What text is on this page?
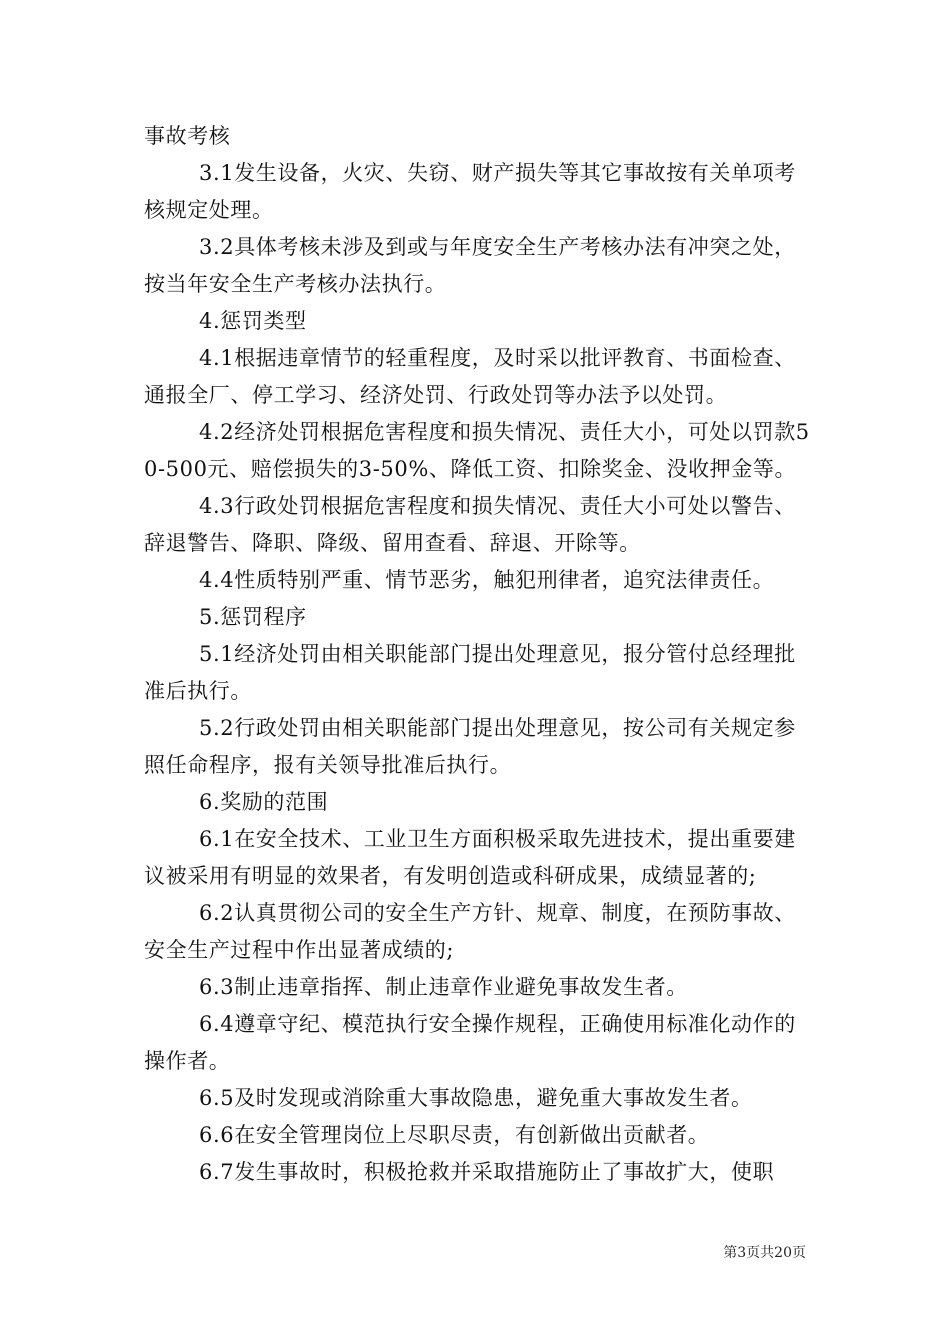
事故考核

3.1发生设备，火灾、失窃、财产损失等其它事故按有关单项考核规定处理。

3.2具体考核未涉及到或与年度安全生产考核办法有冲突之处，按当年安全生产考核办法执行。

4.惩罚类型

4.1根据违章情节的轻重程度，及时采以批评教育、书面检查、通报全厂、停工学习、经济处罚、行政处罚等办法予以处罚。

4.2经济处罚根据危害程度和损失情况、责任大小，可处以罚款50-500元、赔偿损失的3-50%、降低工资、扣除奖金、没收押金等。

4.3行政处罚根据危害程度和损失情况、责任大小可处以警告、辞退警告、降职、降级、留用查看、辞退、开除等。

4.4性质特别严重、情节恶劣，触犯刑律者，追究法律责任。

5.惩罚程序

5.1经济处罚由相关职能部门提出处理意见，报分管付总经理批准后执行。

5.2行政处罚由相关职能部门提出处理意见，按公司有关规定参照任命程序，报有关领导批准后执行。

6.奖励的范围

6.1在安全技术、工业卫生方面积极采取先进技术，提出重要建议被采用有明显的效果者，有发明创造或科研成果，成绩显著的;

6.2认真贯彻公司的安全生产方针、规章、制度，在预防事故、安全生产过程中作出显著成绩的;

6.3制止违章指挥、制止违章作业避免事故发生者。

6.4遵章守纪、模范执行安全操作规程，正确使用标准化动作的操作者。

6.5及时发现或消除重大事故隐患，避免重大事故发生者。

6.6在安全管理岗位上尽职尽责，有创新做出贡献者。

6.7发生事故时，积极抢救并采取措施防止了事故扩大，使职

第3页共20页
